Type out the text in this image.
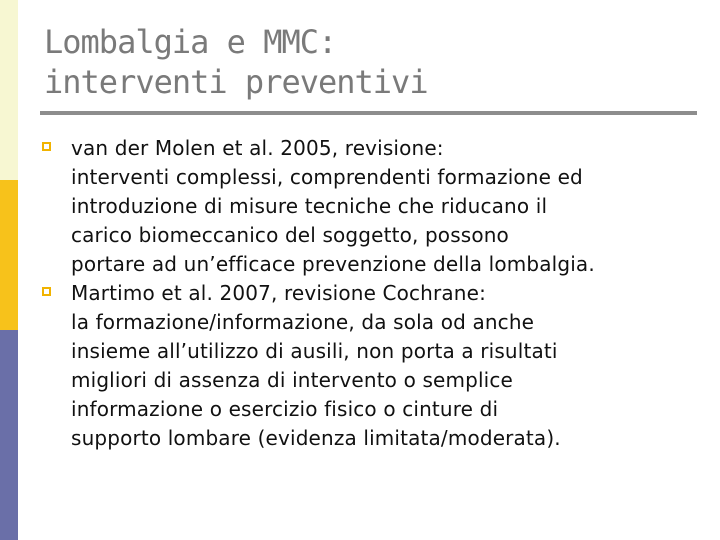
Lombalgia e MMC:
interventi preventivi
van der Molen et al. 2005, revisione:
interventi complessi, comprendenti formazione ed
introduzione di misure tecniche che riducano il
carico biomeccanico del soggetto, possono
portare ad un’efficace prevenzione della lombalgia.
Martimo et al. 2007, revisione Cochrane:
la formazione/informazione, da sola od anche
insieme all’utilizzo di ausili, non porta a risultati
migliori di assenza di intervento o semplice
informazione o esercizio fisico o cinture di
supporto lombare (evidenza limitata/moderata).
